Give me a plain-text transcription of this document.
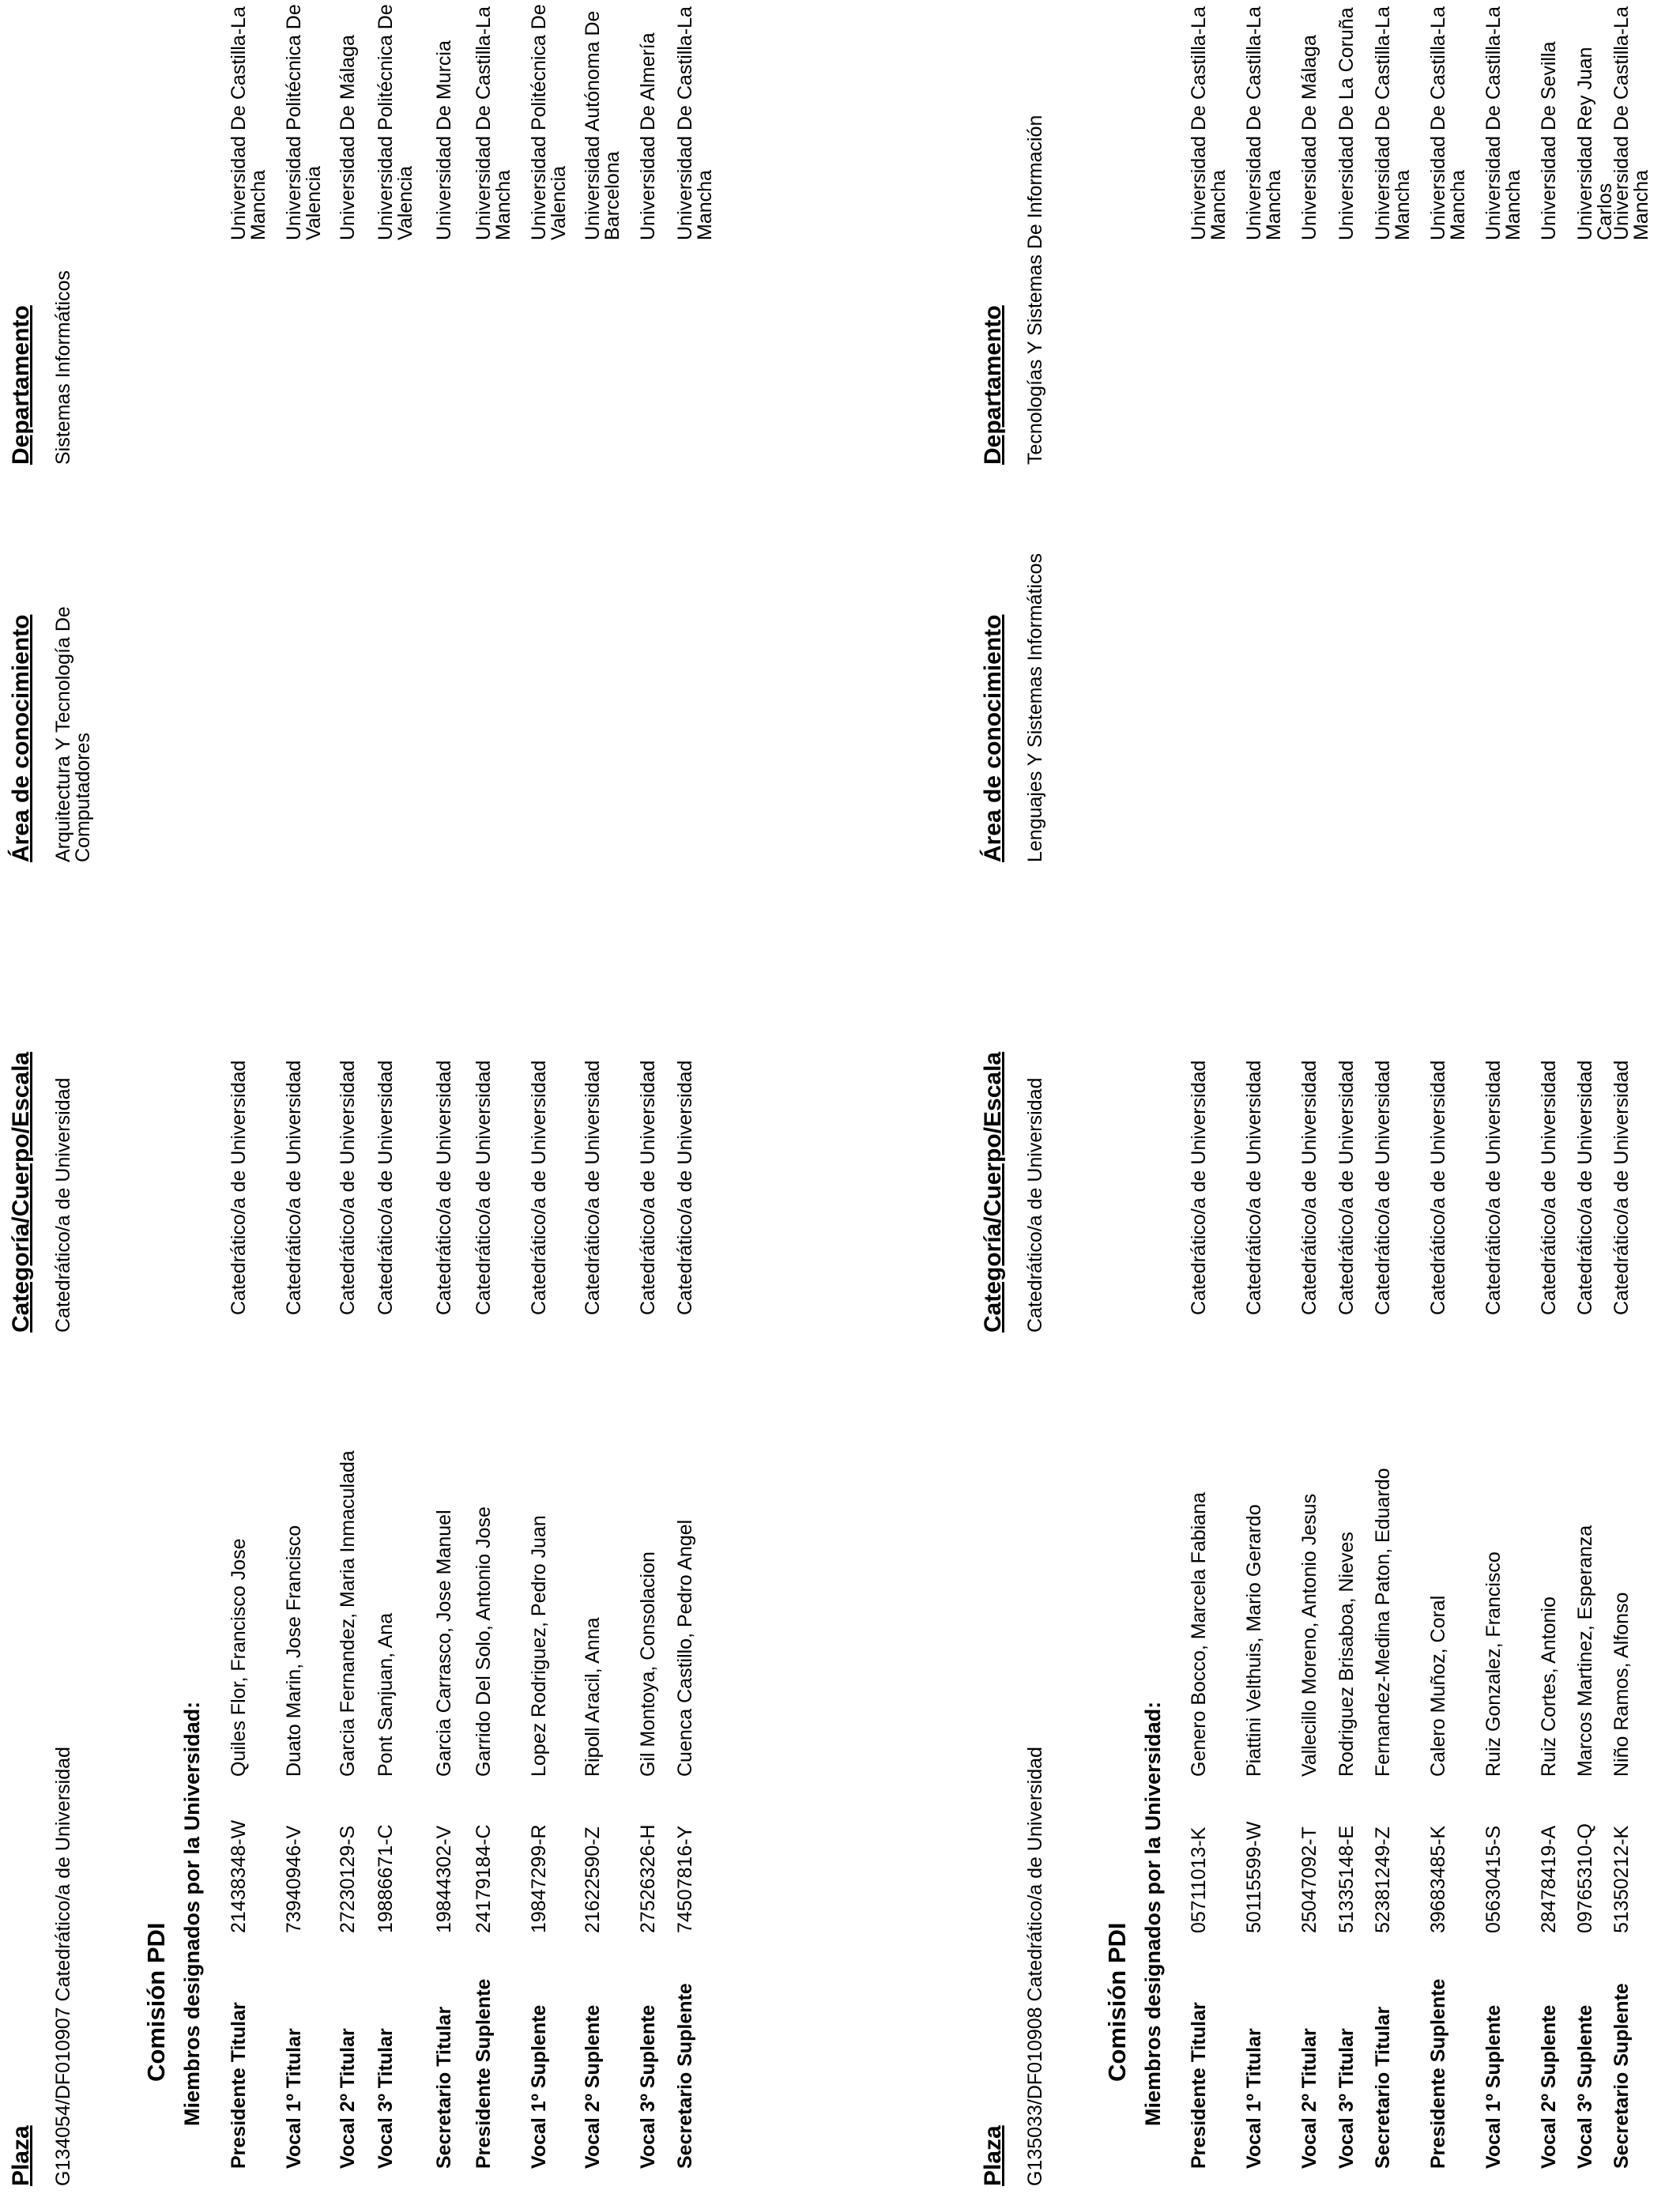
Plaza
Categoría/Cuerpo/Escala
Área de conocimiento
Departamento
G134054/DF010907 Catedrático/a de Universidad
Catedrático/a de Universidad
Arquitectura Y Tecnología De Computadores
Sistemas Informáticos
Comisión PDI Miembros designados por la Universidad: Presidente Titular
21438348-W
Quiles Flor, Francisco Jose
Catedrático/a de Universidad
Universidad De Castilla-La Mancha
Vocal 1º Titular
73940946-V
Duato Marin, Jose Francisco
Catedrático/a de Universidad
Universidad Politécnica De Valencia
Vocal 2º Titular
27230129-S
Garcia Fernandez, Maria Inmaculada
Catedrático/a de Universidad
Universidad De Málaga
Vocal 3º Titular
19886671-C
Pont Sanjuan, Ana
Catedrático/a de Universidad
Universidad Politécnica De Valencia
Secretario Titular
19844302-V
Garcia Carrasco, Jose Manuel
Catedrático/a de Universidad
Universidad De Murcia
Presidente Suplente
24179184-C
Garrido Del Solo, Antonio Jose
Catedrático/a de Universidad
Universidad De Castilla-La Mancha
Vocal 1º Suplente
19847299-R
Lopez Rodriguez, Pedro Juan
Catedrático/a de Universidad
Universidad Politécnica De Valencia
Vocal 2º Suplente
21622590-Z
Ripoll Aracil, Anna
Catedrático/a de Universidad
Universidad Autónoma De Barcelona
Vocal 3º Suplente
27526326-H
Gil Montoya, Consolacion
Catedrático/a de Universidad
Universidad De Almería
Secretario Suplente
74507816-Y
Cuenca Castillo, Pedro Angel
Catedrático/a de Universidad
Universidad De Castilla-La Mancha
Plaza
Categoría/Cuerpo/Escala
Área de conocimiento
Departamento
G135033/DF010908 Catedrático/a de Universidad
Catedrático/a de Universidad
Lenguajes Y Sistemas Informáticos
Tecnologías Y Sistemas De Información
Comisión PDI Miembros designados por la Universidad: Presidente Titular
05711013-K
Genero Bocco, Marcela Fabiana
Catedrático/a de Universidad
Universidad De Castilla-La Mancha
Vocal 1º Titular
50115599-W
Piattini Velthuis, Mario Gerardo
Catedrático/a de Universidad
Universidad De Castilla-La Mancha
Vocal 2º Titular
25047092-T
Vallecillo Moreno, Antonio Jesus
Catedrático/a de Universidad
Universidad De Málaga
Vocal 3º Titular
51335148-E
Rodriguez Brisaboa, Nieves
Catedrático/a de Universidad
Universidad De La Coruña
Secretario Titular
52381249-Z
Fernandez-Medina Paton, Eduardo
Catedrático/a de Universidad
Universidad De Castilla-La Mancha
Presidente Suplente
39683485-K
Calero Muñoz, Coral
Catedrático/a de Universidad
Universidad De Castilla-La Mancha
Vocal 1º Suplente
05630415-S
Ruiz Gonzalez, Francisco
Catedrático/a de Universidad
Universidad De Castilla-La Mancha
Vocal 2º Suplente
28478419-A
Ruiz Cortes, Antonio
Catedrático/a de Universidad
Universidad De Sevilla
Vocal 3º Suplente
09765310-Q
Marcos Martinez, Esperanza
Catedrático/a de Universidad
Universidad Rey Juan Carlos
Secretario Suplente
51350212-K
Niño Ramos, Alfonso
Catedrático/a de Universidad
Universidad De Castilla-La Mancha
